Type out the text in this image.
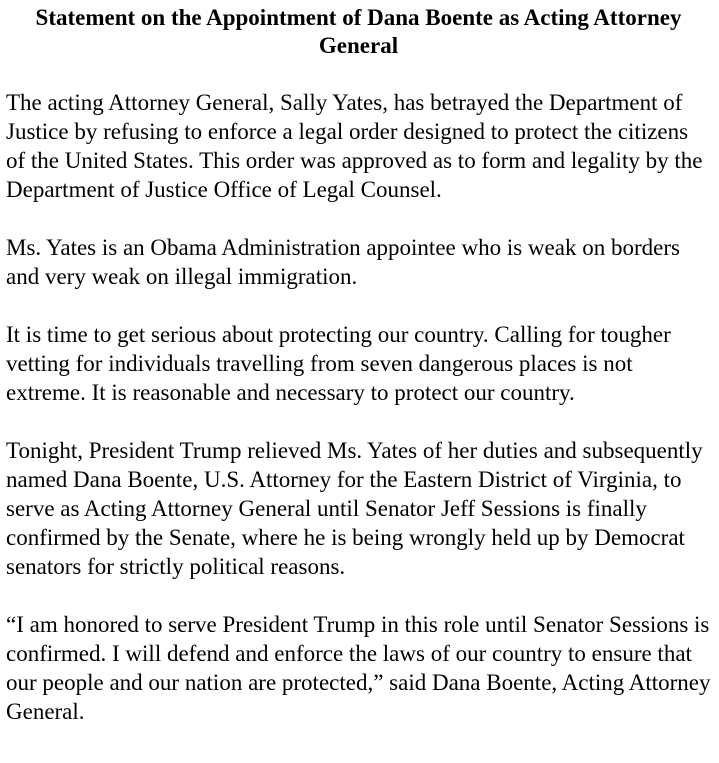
Statement on the Appointment of Dana Boente as Acting Attorney General

The acting Attorney General, Sally Yates, has betrayed the Department of Justice by refusing to enforce a legal order designed to protect the citizens of the United States. This order was approved as to form and legality by the Department of Justice Office of Legal Counsel.

Ms. Yates is an Obama Administration appointee who is weak on borders and very weak on illegal immigration.

It is time to get serious about protecting our country. Calling for tougher vetting for individuals travelling from seven dangerous places is not extreme. It is reasonable and necessary to protect our country.

Tonight, President Trump relieved Ms. Yates of her duties and subsequently named Dana Boente, U.S. Attorney for the Eastern District of Virginia, to serve as Acting Attorney General until Senator Jeff Sessions is finally confirmed by the Senate, where he is being wrongly held up by Democrat senators for strictly political reasons.

“I am honored to serve President Trump in this role until Senator Sessions is confirmed. I will defend and enforce the laws of our country to ensure that our people and our nation are protected,” said Dana Boente, Acting Attorney General.
